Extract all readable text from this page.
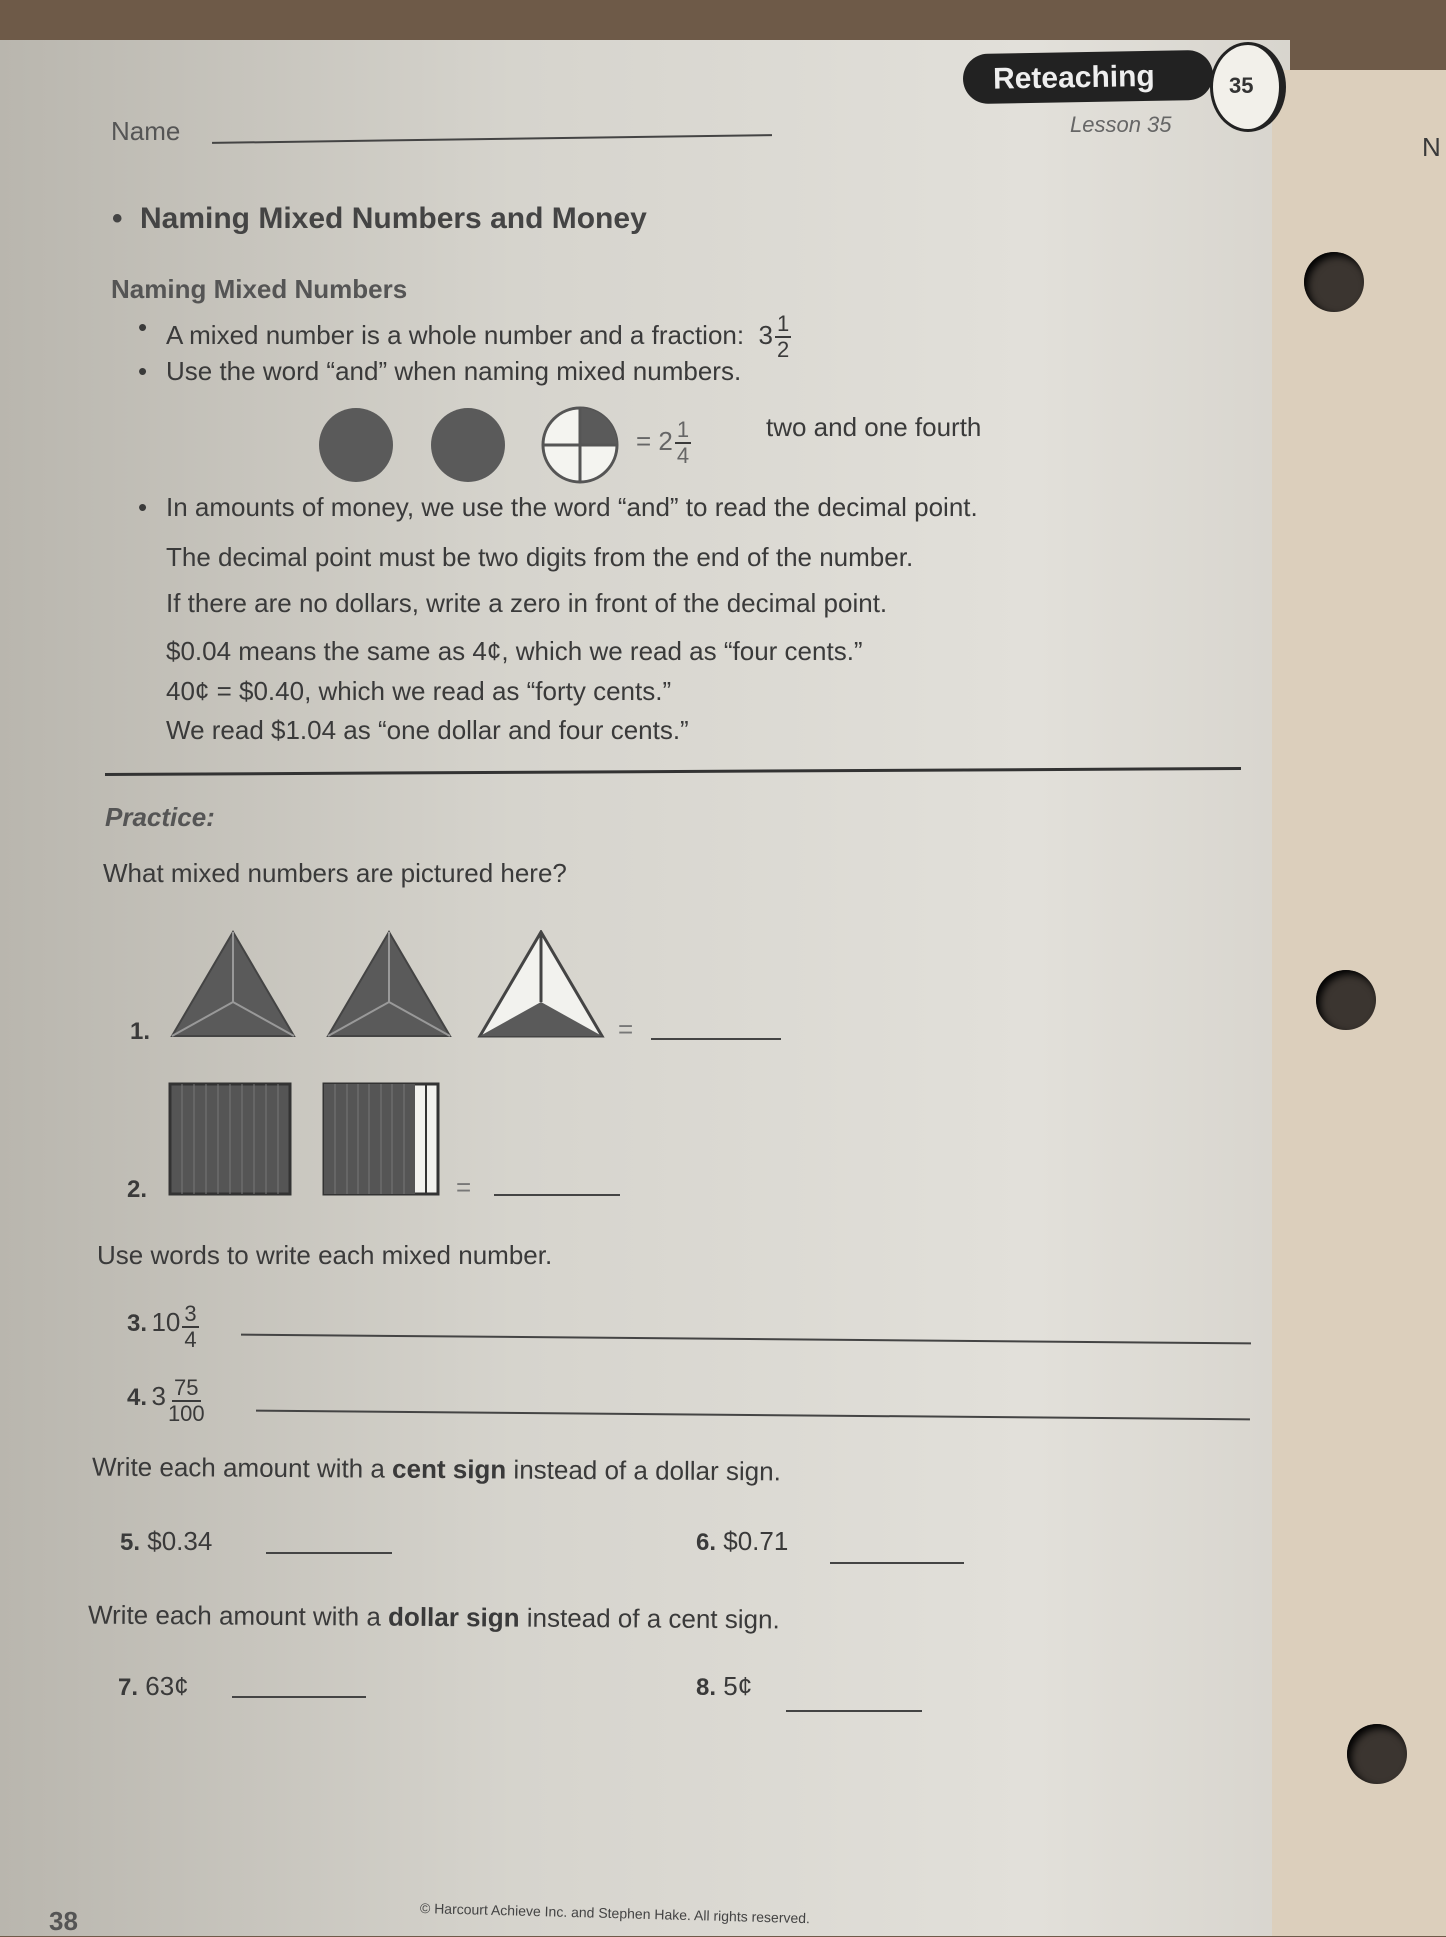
N
Name
Reteaching	35
Lesson 35
• Naming Mixed Numbers and Money
Naming Mixed Numbers
• A mixed number is a whole number and a fraction: $3 \frac{1}{2}$
• Use the word “and” when naming mixed numbers.
= $2 \frac{1}{4}$	two and one fourth
• In amounts of money, we use the word “and” to read the decimal point.
The decimal point must be two digits from the end of the number.
If there are no dollars, write a zero in front of the decimal point.
$0.04 means the same as 4¢, which we read as “four cents.”
40¢ = $0.40, which we read as “forty cents.”
We read $1.04 as “one dollar and four cents.”
Practice:
What mixed numbers are pictured here?
1.	=
2.	=
Use words to write each mixed number.
3. $10 \frac{3}{4}$
4. $3 \frac{75}{100}$
Write each amount with a cent sign instead of a dollar sign.
5. $0.34	6. $0.71
Write each amount with a dollar sign instead of a cent sign.
7. 63¢	8. 5¢
38	© Harcourt Achieve Inc. and Stephen Hake. All rights reserved.
